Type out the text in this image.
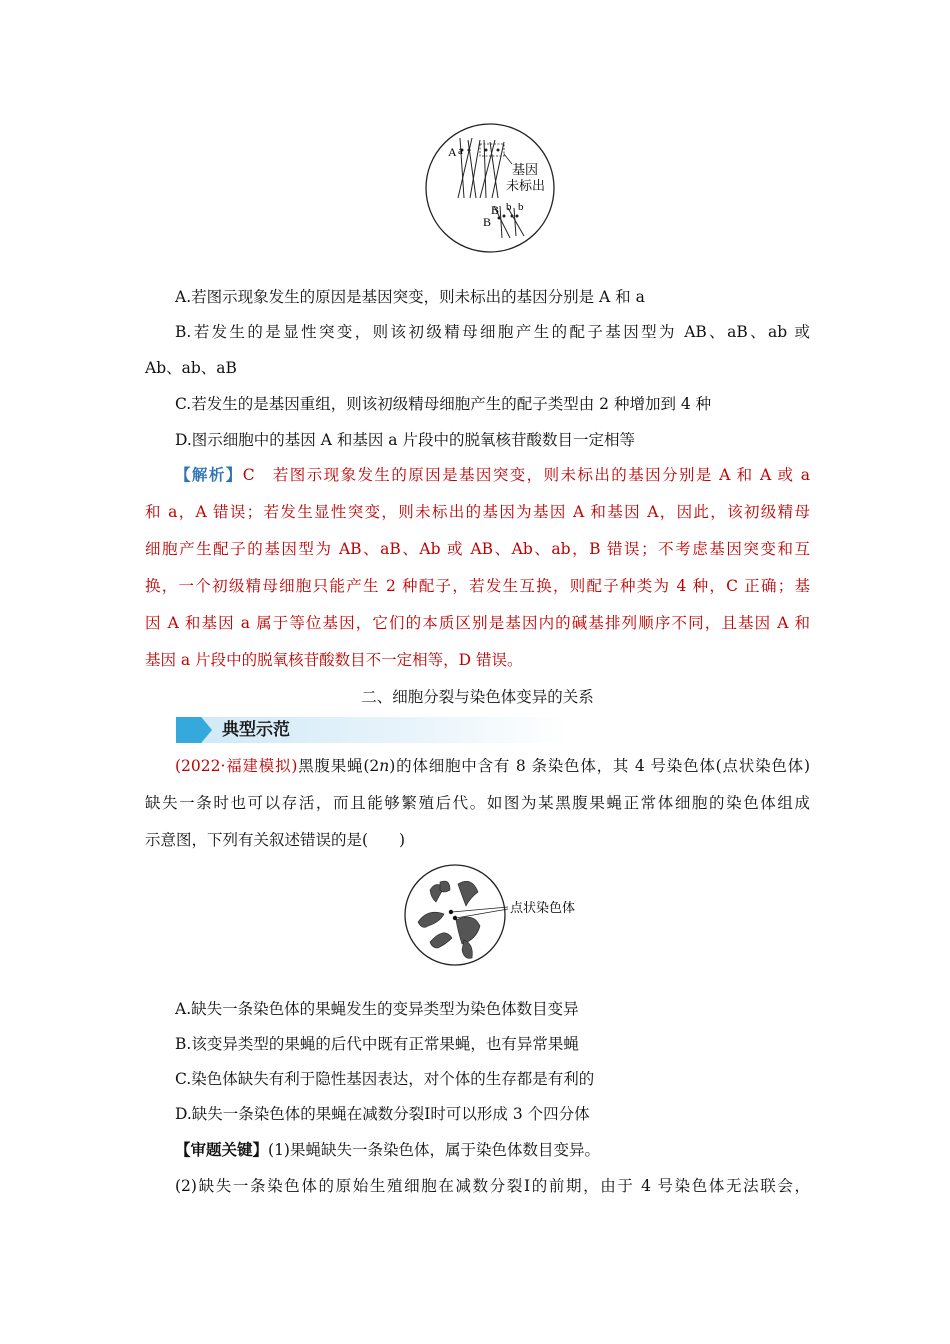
A a
基因
未标出
B b b
B
A.若图示现象发生的原因是基因突变，则未标出的基因分别是 A 和 a
B.若发生的是显性突变，则该初级精母细胞产生的配子基因型为 AB、aB、ab 或
Ab、ab、aB
C.若发生的是基因重组，则该初级精母细胞产生的配子类型由 2 种增加到 4 种
D.图示细胞中的基因 A 和基因 a 片段中的脱氧核苷酸数目一定相等
【解析】C　若图示现象发生的原因是基因突变，则未标出的基因分别是 A 和 A 或 a
和 a，A 错误；若发生显性突变，则未标出的基因为基因 A 和基因 A，因此，该初级精母
细胞产生配子的基因型为 AB、aB、Ab 或 AB、Ab、ab，B 错误；不考虑基因突变和互
换，一个初级精母细胞只能产生 2 种配子，若发生互换，则配子种类为 4 种，C 正确；基
因 A 和基因 a 属于等位基因，它们的本质区别是基因内的碱基排列顺序不同，且基因 A 和
基因 a 片段中的脱氧核苷酸数目不一定相等，D 错误。
二、细胞分裂与染色体变异的关系
典型示范
(2022·福建模拟)黑腹果蝇(2n)的体细胞中含有 8 条染色体，其 4 号染色体(点状染色体)
缺失一条时也可以存活，而且能够繁殖后代。如图为某黑腹果蝇正常体细胞的染色体组成
示意图，下列有关叙述错误的是(　　)
点状染色体
A.缺失一条染色体的果蝇发生的变异类型为染色体数目变异
B.该变异类型的果蝇的后代中既有正常果蝇，也有异常果蝇
C.染色体缺失有利于隐性基因表达，对个体的生存都是有利的
D.缺失一条染色体的果蝇在减数分裂Ⅰ时可以形成 3 个四分体
【审题关键】(1)果蝇缺失一条染色体，属于染色体数目变异。
(2)缺失一条染色体的原始生殖细胞在减数分裂Ⅰ的前期，由于 4 号染色体无法联会，
